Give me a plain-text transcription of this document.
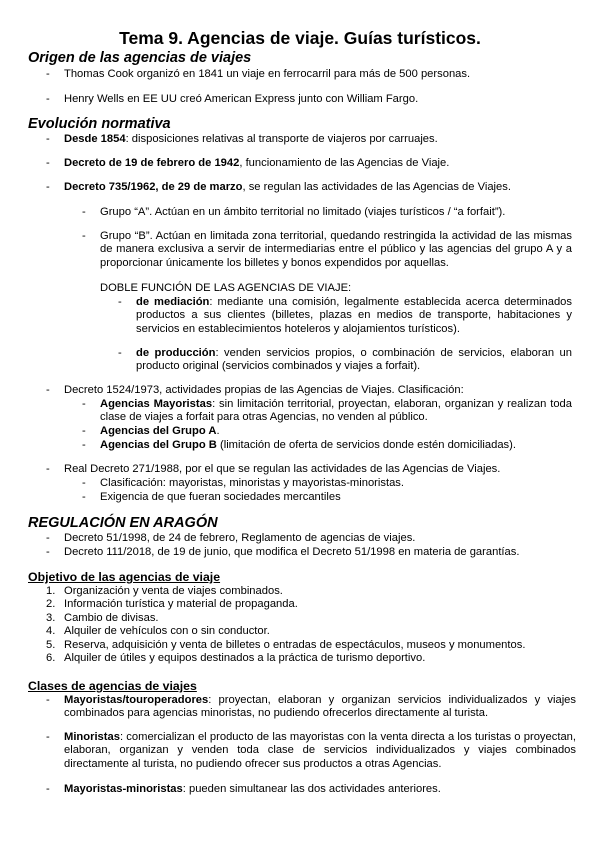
Tema 9. Agencias de viaje. Guías turísticos.
Origen de las agencias de viajes
- Thomas Cook organizó en 1841 un viaje en ferrocarril para más de 500 personas.
- Henry Wells en EE UU creó American Express junto con William Fargo.
Evolución normativa
- Desde 1854: disposiciones relativas al transporte de viajeros por carruajes.
- Decreto de 19 de febrero de 1942, funcionamiento de las Agencias de Viaje.
- Decreto 735/1962, de 29 de marzo, se regulan las actividades de las Agencias de Viajes.
- Grupo “A”. Actúan en un ámbito territorial no limitado (viajes turísticos / “a forfait”).
- Grupo “B”. Actúan en limitada zona territorial, quedando restringida la actividad de las mismas de manera exclusiva a servir de intermediarias entre el público y las agencias del grupo A y a proporcionar únicamente los billetes y bonos expendidos por aquellas.
DOBLE FUNCIÓN DE LAS AGENCIAS DE VIAJE:
- de mediación: mediante una comisión, legalmente establecida acerca determinados productos a sus clientes (billetes, plazas en medios de transporte, habitaciones y servicios en establecimientos hoteleros y alojamientos turísticos).
- de producción: venden servicios propios, o combinación de servicios, elaboran un producto original (servicios combinados y viajes a forfait).
- Decreto 1524/1973, actividades propias de las Agencias de Viajes. Clasificación:
- Agencias Mayoristas: sin limitación territorial, proyectan, elaboran, organizan y realizan toda clase de viajes a forfait para otras Agencias, no venden al público.
- Agencias del Grupo A.
- Agencias del Grupo B (limitación de oferta de servicios donde estén domiciliadas).
- Real Decreto 271/1988, por el que se regulan las actividades de las Agencias de Viajes.
- Clasificación: mayoristas, minoristas y mayoristas-minoristas.
- Exigencia de que fueran sociedades mercantiles
REGULACIÓN EN ARAGÓN
- Decreto 51/1998, de 24 de febrero, Reglamento de agencias de viajes.
- Decreto 111/2018, de 19 de junio, que modifica el Decreto 51/1998 en materia de garantías.
Objetivo de las agencias de viaje
1. Organización y venta de viajes combinados.
2. Información turística y material de propaganda.
3. Cambio de divisas.
4. Alquiler de vehículos con o sin conductor.
5. Reserva, adquisición y venta de billetes o entradas de espectáculos, museos y monumentos.
6. Alquiler de útiles y equipos destinados a la práctica de turismo deportivo.
Clases de agencias de viajes
- Mayoristas/touroperadores: proyectan, elaboran y organizan servicios individualizados y viajes combinados para agencias minoristas, no pudiendo ofrecerlos directamente al turista.
- Minoristas: comercializan el producto de las mayoristas con la venta directa a los turistas o proyectan, elaboran, organizan y venden toda clase de servicios individualizados y viajes combinados directamente al turista, no pudiendo ofrecer sus productos a otras Agencias.
- Mayoristas-minoristas: pueden simultanear las dos actividades anteriores.
